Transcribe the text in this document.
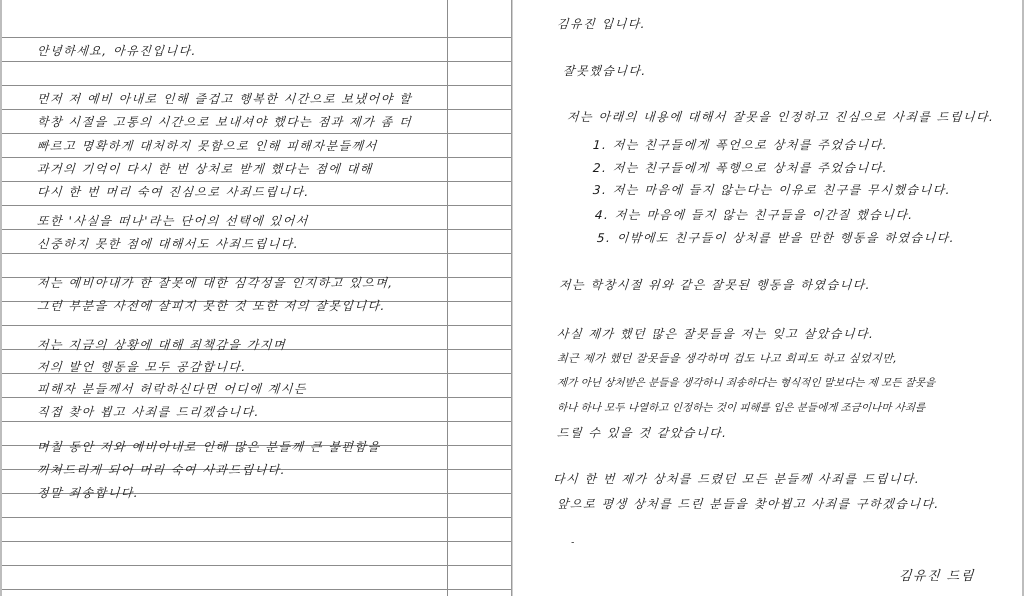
안녕하세요, 아유진입니다.
먼저 저 예비 아내로 인해 즐겁고 행복한 시간으로 보냈어야 할
학창 시절을 고통의 시간으로 보내셔야 했다는 점과 제가 좀 더
빠르고 명확하게 대처하지 못함으로 인해 피해자분들께서
과거의 기억이 다시 한 번 상처로 받게 했다는 점에 대해
다시 한 번 머리 숙여 진심으로 사죄드립니다.
또한 '사실을 떠나'라는 단어의 선택에 있어서
신중하지 못한 점에 대해서도 사죄드립니다.
저는 예비아내가 한 잘못에 대한 심각성을 인지하고 있으며,
그런 부분을 사전에 살피지 못한 것 또한 저의 잘못입니다.
저는 지금의 상황에 대해 죄책감을 가지며
저의 발언 행동을 모두 공감합니다.
피해자 분들께서 허락하신다면 어디에 계시든
직접 찾아 뵙고 사죄를 드리겠습니다.
며칠 동안 저와 예비아내로 인해 많은 분들께 큰 불편함을
끼쳐드리게 되어 머리 숙여 사과드립니다.
정말 죄송합니다.
김유진 입니다.
잘못했습니다.
저는 아래의 내용에 대해서 잘못을 인정하고 진심으로 사죄를 드립니다.
1. 저는 친구들에게 폭언으로 상처를 주었습니다.
2. 저는 친구들에게 폭행으로 상처를 주었습니다.
3. 저는 마음에 들지 않는다는 이유로 친구를 무시했습니다.
4. 저는 마음에 들지 않는 친구들을 이간질 했습니다.
5. 이밖에도 친구들이 상처를 받을 만한 행동을 하였습니다.
저는 학창시절 위와 같은 잘못된 행동을 하였습니다.
사실 제가 했던 많은 잘못들을 저는 잊고 살았습니다.
최근 제가 했던 잘못들을 생각하며 겁도 나고 회피도 하고 싶었지만,
제가 아닌 상처받은 분들을 생각하니 죄송하다는 형식적인 말보다는 제 모든 잘못을
하나 하나 모두 나열하고 인정하는 것이 피해를 입은 분들에게 조금이나마 사죄를
드릴 수 있을 것 같았습니다.
다시 한 번 제가 상처를 드렸던 모든 분들께 사죄를 드립니다.
앞으로 평생 상처를 드린 분들을 찾아뵙고 사죄를 구하겠습니다.
-
김유진 드림
